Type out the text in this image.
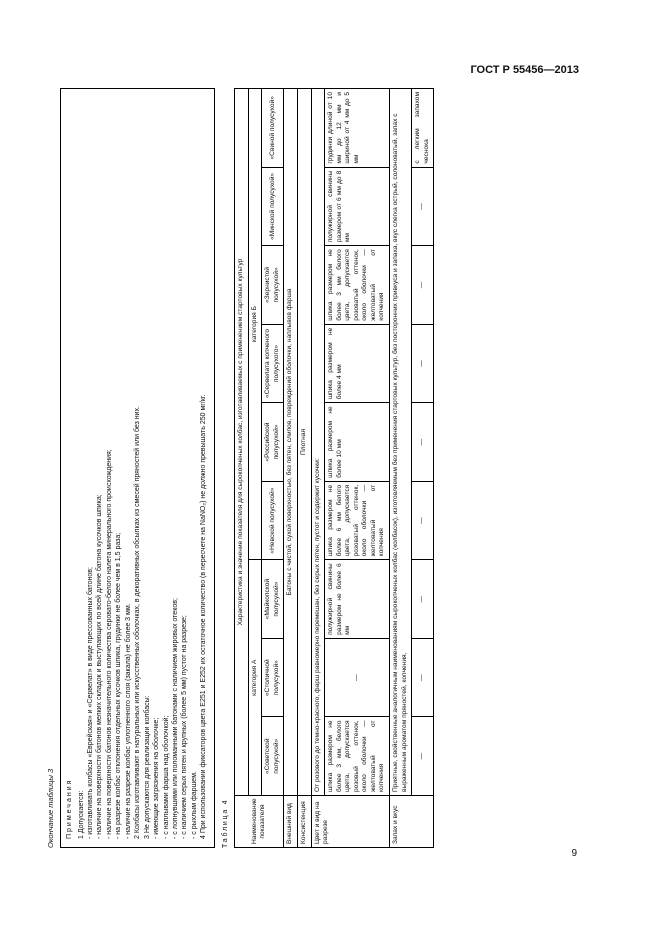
ГОСТ Р 55456—2013
Окончание таблицы 3 Примечания 1 Допускается: - изготавливать колбасы «Еврейская» и «Сервелат» в виде прессованных батонов; - наличие на поверхности батонов мелких складок и выступающих по всей длине батона кусочков шпика; - наличие на поверхности батонов незначительного количества серовато-белого налета минерального происхождения; - на разрезе колбас отклонения отдельных кусочков шпика, грудинки не более чем в 1,5 раза; - наличие на разрезе колбас уплотненного слоя (закала) не более 3 мм. 2 Колбасы изготавливают в натуральных или искусственных оболочках, в декоративных обсыпках из смесей пряностей или без них. 3 Не допускаются для реализации колбасы: - имеющие загрязнения на оболочке; - с наплывами фарша над оболочкой; - с лопнувшими или поломанными батонами с наличием жировых отеков; - с наличием серых пятен и крупных (более 5 мм) пустот на разрезе; - с рыхлым фаршем. 4 При использовании фиксаторов цвета Е251 и Е252 их остаточное количество (в пересчете на NaNO₂) не должно превышать 250 мг/кг. Таблица 4	Наименование показателя	Характеристика и значение показателя для сырокопченых колбас, изготавливаемых с применением стартовых культур								
	категория А			категория Б					
	«Советской полусухой»	«Столичной полусухой»	«Майкопской полусухой»	«Невской полусухой»	«Российской полусухой»	«Сервелата копченого полусухого»	«Зернистой полусухой»	«Минской полусухой»	«Свиной полусухой»
Внешний вид	Батоны с чистой, сухой поверхностью, без пятен, слипов, повреждений оболочки, наплывов фарша								
Консистенция	Плотная								
Цвет и вид на разрезе	От розового до темно-красного, фарш равномерно перемешан, без серых пятен, пустот и содержит кусочки:								
	шпика размером не более 3 мм, белого цвета, допускается розовый оттенок, около оболочки — желтоватый от копчения	—	полужирной свинины размером не более 6 мм	шпика размером не более 6 мм белого цвета, допускается розоватый оттенок, около оболочки — желтоватый от копчения	шпика размером не более 10 мм	шпика размером не более 4 мм	шпика размером не более 3 мм белого цвета, допускается розоватый оттенок, около оболочки — желтоватый от копчения	полужирной свинины размером от 6 мм до 8 мм	грудинки длиной от 10 мм до 12 мм и шириной от 4 мм до 5 мм
Запах и вкус	Приятные, свойственные аналогичным наименованиям сырокопченых колбас (колбасок), изготовляемым без применения стартовых культур, без посторонних привкуса и запаха, вкус слегка острый, солоноватый, запах с выраженным ароматом пряностей, копчения,								
	—	—	—	—	—	—	—	—	с легким запахом чеснока
9
